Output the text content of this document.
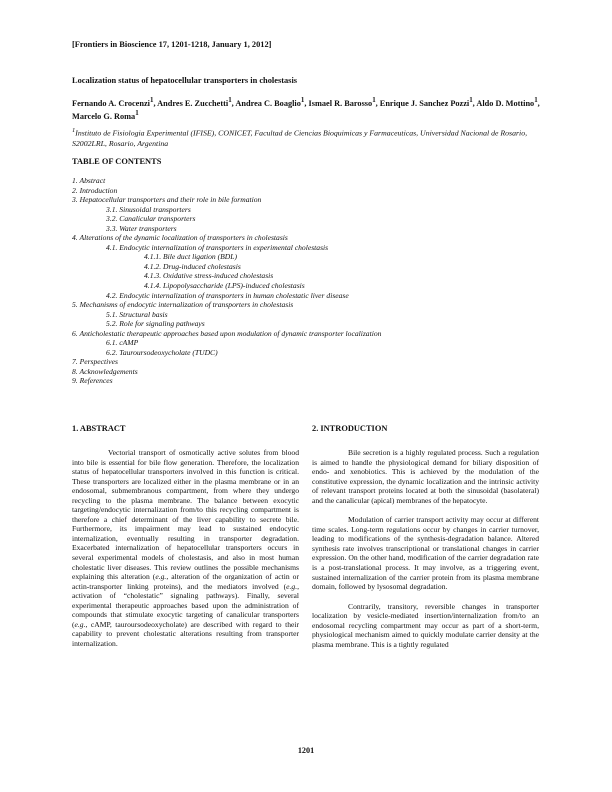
[Frontiers in Bioscience 17, 1201-1218, January 1, 2012]
Localization status of hepatocellular transporters in cholestasis
Fernando A. Crocenzi$^1$, Andres E. Zucchetti$^1$, Andrea C. Boaglio$^1$, Ismael R. Barosso$^1$, Enrique J. Sanchez Pozzi$^1$, Aldo D. Mottino$^1$, Marcelo G. Roma$^1$
$^1$Instituto de Fisiologia Experimental (IFISE), CONICET, Facultad de Ciencias Bioquimicas y Farmaceuticas, Universidad Nacional de Rosario, S2002LRL, Rosario, Argentina
TABLE OF CONTENTS
1. Abstract
2. Introduction
3. Hepatocellular transporters and their role in bile formation
3.1. Sinusoidal transporters
3.2. Canalicular transporters
3.3. Water transporters
4. Alterations of the dynamic localization of transporters in cholestasis
4.1. Endocytic internalization of transporters in experimental cholestasis
4.1.1. Bile duct ligation (BDL)
4.1.2. Drug-induced cholestasis
4.1.3. Oxidative stress-induced cholestasis
4.1.4. Lipopolysaccharide (LPS)-induced cholestasis
4.2. Endocytic internalization of transporters in human cholestatic liver disease
5. Mechanisms of endocytic internalization of transporters in cholestasis
5.1. Structural basis
5.2. Role for signaling pathways
6. Anticholestatic therapeutic approaches based upon modulation of dynamic transporter localization
6.1. cAMP
6.2. Tauroursodeoxycholate (TUDC)
7. Perspectives
8. Acknowledgements
9. References
1. ABSTRACT

Vectorial transport of osmotically active solutes from blood into bile is essential for bile flow generation. Therefore, the localization status of hepatocellular transporters involved in this function is critical. These transporters are localized either in the plasma membrane or in an endosomal, submembranous compartment, from where they undergo recycling to the plasma membrane. The balance between exocytic targeting/endocytic internalization from/to this recycling compartment is therefore a chief determinant of the liver capability to secrete bile. Furthermore, its impairment may lead to sustained endocytic internalization, eventually resulting in transporter degradation. Exacerbated internalization of hepatocellular transporters occurs in several experimental models of cholestasis, and also in most human cholestatic liver diseases. This review outlines the possible mechanisms explaining this alteration (e.g., alteration of the organization of actin or actin-transporter linking proteins), and the mediators involved (e.g., activation of “cholestatic” signaling pathways). Finally, several experimental therapeutic approaches based upon the administration of compounds that stimulate exocytic targeting of canalicular transporters (e.g., cAMP, tauroursodeoxycholate) are described with regard to their capability to prevent cholestatic alterations resulting from transporter internalization.

2. INTRODUCTION

Bile secretion is a highly regulated process. Such a regulation is aimed to handle the physiological demand for biliary disposition of endo- and xenobiotics. This is achieved by the modulation of the constitutive expression, the dynamic localization and the intrinsic activity of relevant transport proteins located at both the sinusoidal (basolateral) and the canalicular (apical) membranes of the hepatocyte.

Modulation of carrier transport activity may occur at different time scales. Long-term regulations occur by changes in carrier turnover, leading to modifications of the synthesis-degradation balance. Altered synthesis rate involves transcriptional or translational changes in carrier expression. On the other hand, modification of the carrier degradation rate is a post-translational process. It may involve, as a triggering event, sustained internalization of the carrier protein from its plasma membrane domain, followed by lysosomal degradation.

Contrarily, transitory, reversible changes in transporter localization by vesicle-mediated insertion/internalization from/to an endosomal recycling compartment may occur as part of a short-term, physiological mechanism aimed to quickly modulate carrier density at the plasma membrane. This is a tightly regulated

1201
